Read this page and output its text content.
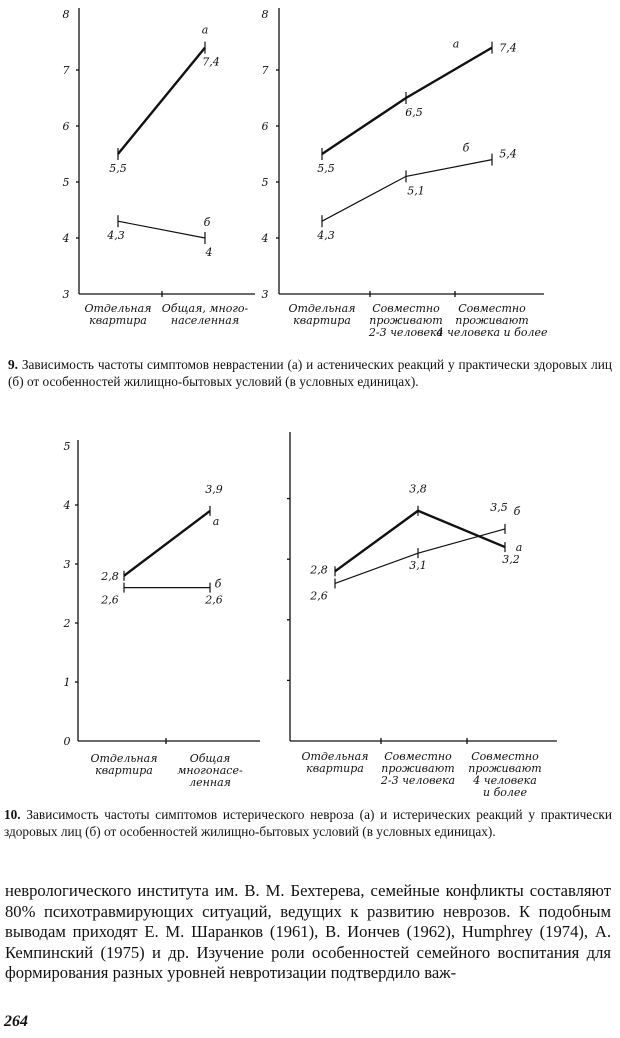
3
4
5
6
7
8
Отдельная
квартира
Общая, много-
населенная
5,5
7,4
а
4,3
4
б
3
4
5
6
7
8
Отдельная
квартира
Совместно
проживают
2-3 человека
Совместно
проживают
4 человека и более
5,5
6,5
7,4
а
4,3
5,1
5,4
б
0
1
2
3
4
5
Отдельная
квартира
Общая
многонасе-
ленная
2,8
3,9
а
2,6	2,6
б
Отдельная
квартира
Совместно
проживают
2-3 человека
Совместно
проживают
4 человека
и более
2,8
3,8
3,2
а
2,6
3,1
3,5 б
9. Зависимость частоты симптомов неврастении (а) и астенических реакций у практически здоровых лиц (б) от особенностей жилищно-бытовых условий (в условных единицах).
10. Зависимость частоты симптомов истерического невроза (а) и истерических реакций у практически здоровых лиц (б) от особенностей жилищно-бытовых условий (в условных единицах).

неврологического института им. В. М. Бехтерева, семейные конфликты составляют 80% психотравмирующих ситуаций, ведущих к развитию неврозов. К подобным выводам приходят Е. М. Шаранков (1961), В. Иончев (1962), Humphrey (1974), А. Кемпинский (1975) и др. Изучение роли особенностей семейного воспитания для формирования разных уровней невротизации подтвердило важ-

264
